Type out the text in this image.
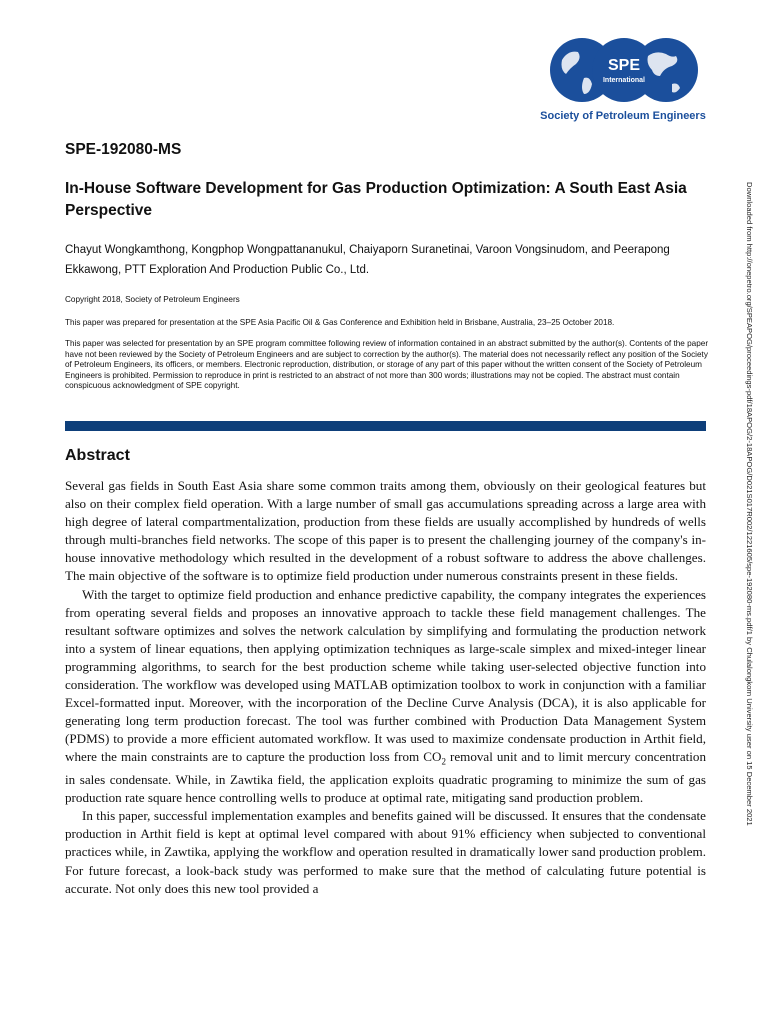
SPE
International
Society of Petroleum Engineers
SPE-192080-MS
In-House Software Development for Gas Production Optimization: A South East Asia Perspective
Chayut Wongkamthong, Kongphop Wongpattananukul, Chaiyaporn Suranetinai, Varoon Vongsinudom, and Peerapong Ekkawong, PTT Exploration And Production Public Co., Ltd.
Copyright 2018, Society of Petroleum Engineers
This paper was prepared for presentation at the SPE Asia Pacific Oil & Gas Conference and Exhibition held in Brisbane, Australia, 23–25 October 2018.
This paper was selected for presentation by an SPE program committee following review of information contained in an abstract submitted by the author(s). Contents of the paper have not been reviewed by the Society of Petroleum Engineers and are subject to correction by the author(s). The material does not necessarily reflect any position of the Society of Petroleum Engineers, its officers, or members. Electronic reproduction, distribution, or storage of any part of this paper without the written consent of the Society of Petroleum Engineers is prohibited. Permission to reproduce in print is restricted to an abstract of not more than 300 words; illustrations may not be copied. The abstract must contain conspicuous acknowledgment of SPE copyright.
Abstract

Several gas fields in South East Asia share some common traits among them, obviously on their geological features but also on their complex field operation. With a large number of small gas accumulations spreading across a large area with high degree of lateral compartmentalization, production from these fields are usually accomplished by hundreds of wells through multi-branches field networks. The scope of this paper is to present the challenging journey of the company's in-house innovative methodology which resulted in the development of a robust software to address the above challenges. The main objective of the software is to optimize field production under numerous constraints present in these fields.

With the target to optimize field production and enhance predictive capability, the company integrates the experiences from operating several fields and proposes an innovative approach to tackle these field management challenges. The resultant software optimizes and solves the network calculation by simplifying and formulating the production network into a system of linear equations, then applying optimization techniques as large-scale simplex and mixed-integer linear programming algorithms, to search for the best production scheme while taking user-selected objective function into consideration. The workflow was developed using MATLAB optimization toolbox to work in conjunction with a familiar Excel-formatted input. Moreover, with the incorporation of the Decline Curve Analysis (DCA), it is also applicable for generating long term production forecast. The tool was further combined with Production Data Management System (PDMS) to provide a more efficient automated workflow. It was used to maximize condensate production in Arthit field, where the main constraints are to capture the production loss from $CO_2$ removal unit and to limit mercury concentration in sales condensate. While, in Zawtika field, the application exploits quadratic programing to minimize the sum of gas production rate square hence controlling wells to produce at optimal rate, mitigating sand production problem.

In this paper, successful implementation examples and benefits gained will be discussed. It ensures that the condensate production in Arthit field is kept at optimal level compared with about 91% efficiency when subjected to conventional practices while, in Zawtika, applying the workflow and operation resulted in dramatically lower sand production problem. For future forecast, a look-back study was performed to make sure that the method of calculating future potential is accurate. Not only does this new tool provided a

Downloaded from http://onepetro.org/SPEAPOG/proceedings-pdf/18APOG/2-18APOG/D021S017R002/1221605/spe-192080-ms.pdf/1 by Chulalongkorn University user on 15 December 2021
